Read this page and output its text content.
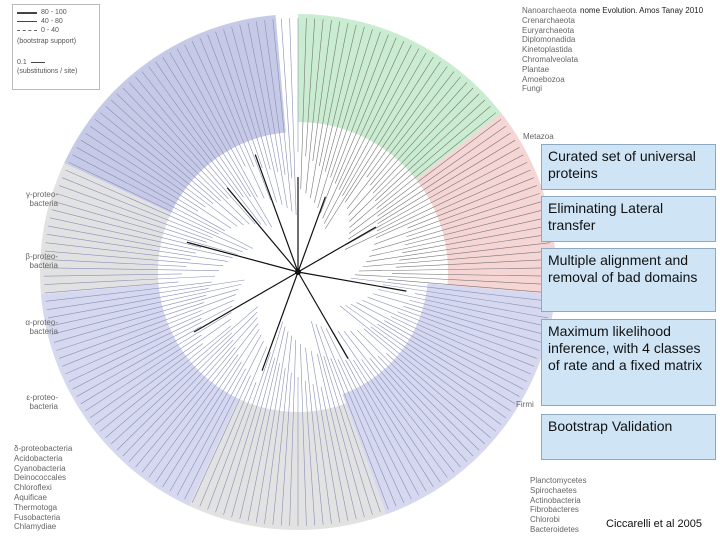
80 - 100
40 - 80
0 - 40
(bootstrap support)
0.1
(substitutions / site)
nome Evolution. Amos Tanay 2010
Nanoarchaeota
Crenarchaeota
Euryarchaeota
Diplomonadida
Kinetoplastida
Chromalveolata
Plantae
Amoebozoa
Fungi
Metazoa
γ-proteo-
bacteria
β-proteo-
bacteria
α-proteo-
bacteria
ε-proteo-
bacteria	Firmi
δ-proteobacteria
Acidobacteria
Cyanobacteria
Deinococcales
Chloroflexi
Aquificae
Thermotoga
Fusobacteria
Chlamydiae
Planctomycetes
Spirochaetes
Actinobacteria
Fibrobacteres
Chlorobi
Bacteroidetes
Curated set of universal proteins
Eliminating Lateral transfer
Multiple alignment and removal of bad domains
Maximum likelihood inference, with 4 classes of rate and a fixed matrix
Bootstrap Validation
Ciccarelli et al 2005
